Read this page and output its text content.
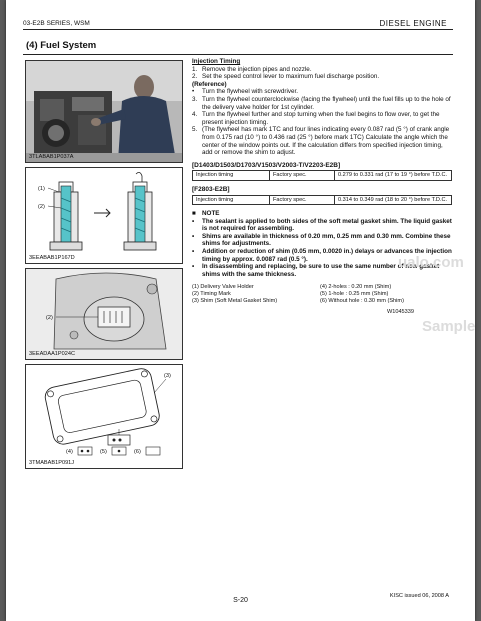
03-E2B SERIES, WSM	DIESEL ENGINE
(4) Fuel System
3TLABAB1P037A
(1)
(2)
3EEABAB1P167D
(2)
3EEADAA1P024C
(3)
(4)	(5)	(6)
3TMABAB1P091J
Injection Timing
1. Remove the injection pipes and nozzle.
2. Set the speed control lever to maximum fuel discharge position.
(Reference)
•	Turn the flywheel with screwdriver.
3. Turn the flywheel counterclockwise (facing the flywheel) until the fuel fills up to the hole of the delivery valve holder for 1st cylinder.
4. Turn the flywheel further and stop turning when the fuel begins to flow over, to get the present injection timing.
5. (The flywheel has mark 1TC and four lines indicating every 0.087 rad (5 °) of crank angle from 0.175 rad (10 °) to 0.436 rad (25 °) before mark 1TC) Calculate the angle which the center of the window points out. If the calculation differs from specified injection timing, add or remove the shim to adjust.
[D1403/D1503/D1703/V1503/V2003-T/V2203-E2B]
Injection timing	Factory spec.	0.279 to 0.331 rad (17 to 19 °) before T.D.C.
[F2803-E2B]
Injection timing	Factory spec.	0.314 to 0.349 rad (18 to 20 °) before T.D.C.
■ NOTE
•	The sealant is applied to both sides of the soft metal gasket shim. The liquid gasket is not required for assembling.
•	Shims are available in thickness of 0.20 mm, 0.25 mm and 0.30 mm. Combine these shims for adjustments.
•	Addition or reduction of shim (0.05 mm, 0.0020 in.) delays or advances the injection timing by approx. 0.0087 rad (0.5 °).
•	In disassembling and replacing, be sure to use the same number of new gasket shims with the same thickness.
(1) Delivery Valve Holder
(2) Timing Mark
(3) Shim (Soft Metal Gasket Shim)
(4) 2-holes : 0.20 mm (Shim)
(5) 1-hole : 0.25 mm (Shim)
(6) Without hole : 0.30 mm (Shim)
W1045339
ualo.com
Sample
S-20
KISC issued 06, 2008 A
